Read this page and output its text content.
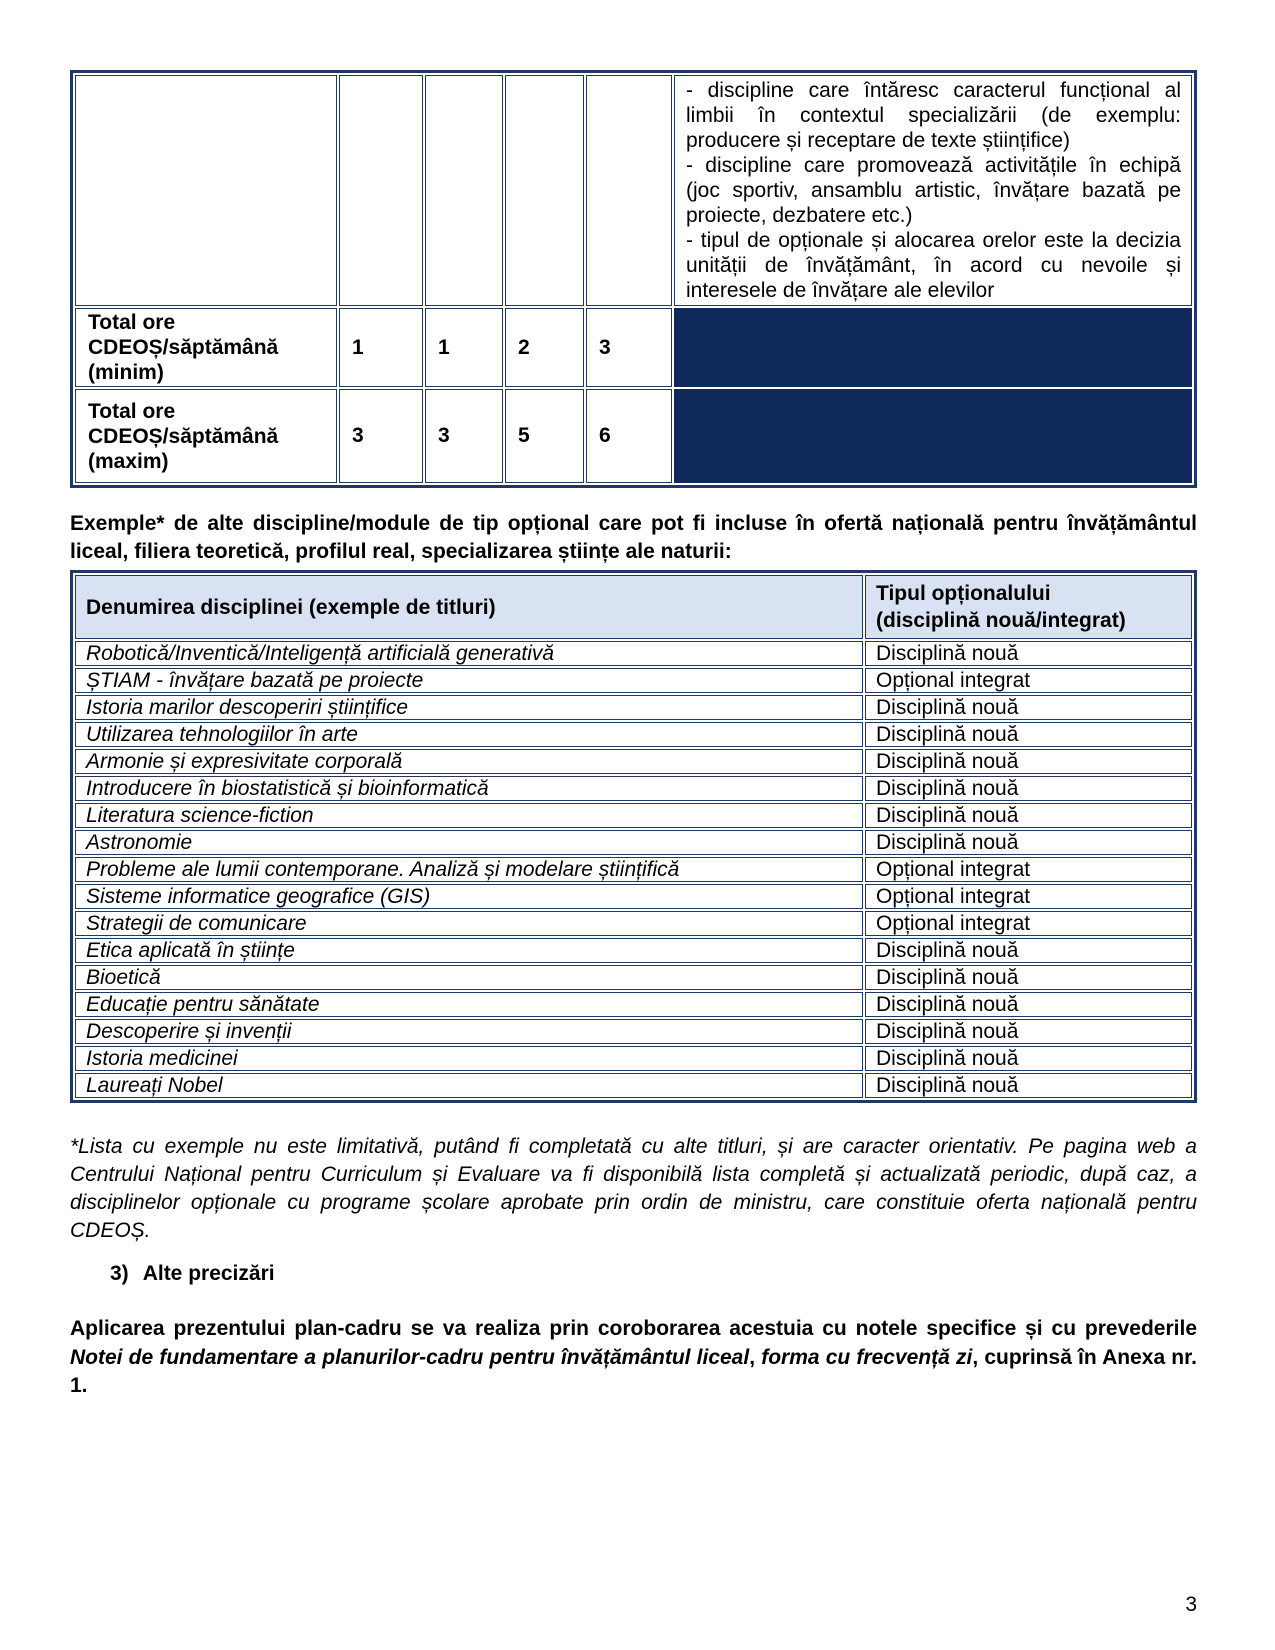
					- discipline care întăresc caracterul funcțional al limbii în contextul specializării (de exemplu: producere și receptare de texte științifice)

- discipline care promovează activitățile în echipă (joc sportiv, ansamblu artistic, învățare bazată pe proiecte, dezbatere etc.)

- tipul de opționale și alocarea orelor este la decizia unității de învățământ, în acord cu nevoile și interesele de învățare ale elevilor

Total ore
CDEOȘ/săptămână
(minim)	1	1	2	3	

Total ore
CDEOȘ/săptămână
(maxim)	3	3	5	6	
Exemple* de alte discipline/module de tip opțional care pot fi incluse în ofertă națională pentru învățământul liceal, filiera teoretică, profilul real, specializarea științe ale naturii:
Denumirea disciplinei (exemple de titluri)	Tipul opționalului
(disciplină nouă/integrat)

Robotică/Inventică/Inteligență artificială generativă	Disciplină nouă
ȘTIAM - învățare bazată pe proiecte	Opțional integrat
Istoria marilor descoperiri științifice	Disciplină nouă
Utilizarea tehnologiilor în arte	Disciplină nouă
Armonie și expresivitate corporală	Disciplină nouă
Introducere în biostatistică și bioinformatică	Disciplină nouă
Literatura science-fiction	Disciplină nouă
Astronomie	Disciplină nouă
Probleme ale lumii contemporane. Analiză și modelare științifică	Opțional integrat
Sisteme informatice geografice (GIS)	Opțional integrat
Strategii de comunicare	Opțional integrat
Etica aplicată în științe	Disciplină nouă
Bioetică	Disciplină nouă
Educație pentru sănătate	Disciplină nouă
Descoperire și invenții	Disciplină nouă
Istoria medicinei	Disciplină nouă
Laureați Nobel	Disciplină nouă
*Lista cu exemple nu este limitativă, putând fi completată cu alte titluri, și are caracter orientativ. Pe pagina web a Centrului Național pentru Curriculum și Evaluare va fi disponibilă lista completă și actualizată periodic, după caz, a disciplinelor opționale cu programe școlare aprobate prin ordin de ministru, care constituie oferta națională pentru CDEOȘ.
3) Alte precizări
Aplicarea prezentului plan-cadru se va realiza prin coroborarea acestuia cu notele specifice și cu prevederile Notei de fundamentare a planurilor-cadru pentru învățământul liceal, forma cu frecvență zi, cuprinsă în Anexa nr. 1.
3
